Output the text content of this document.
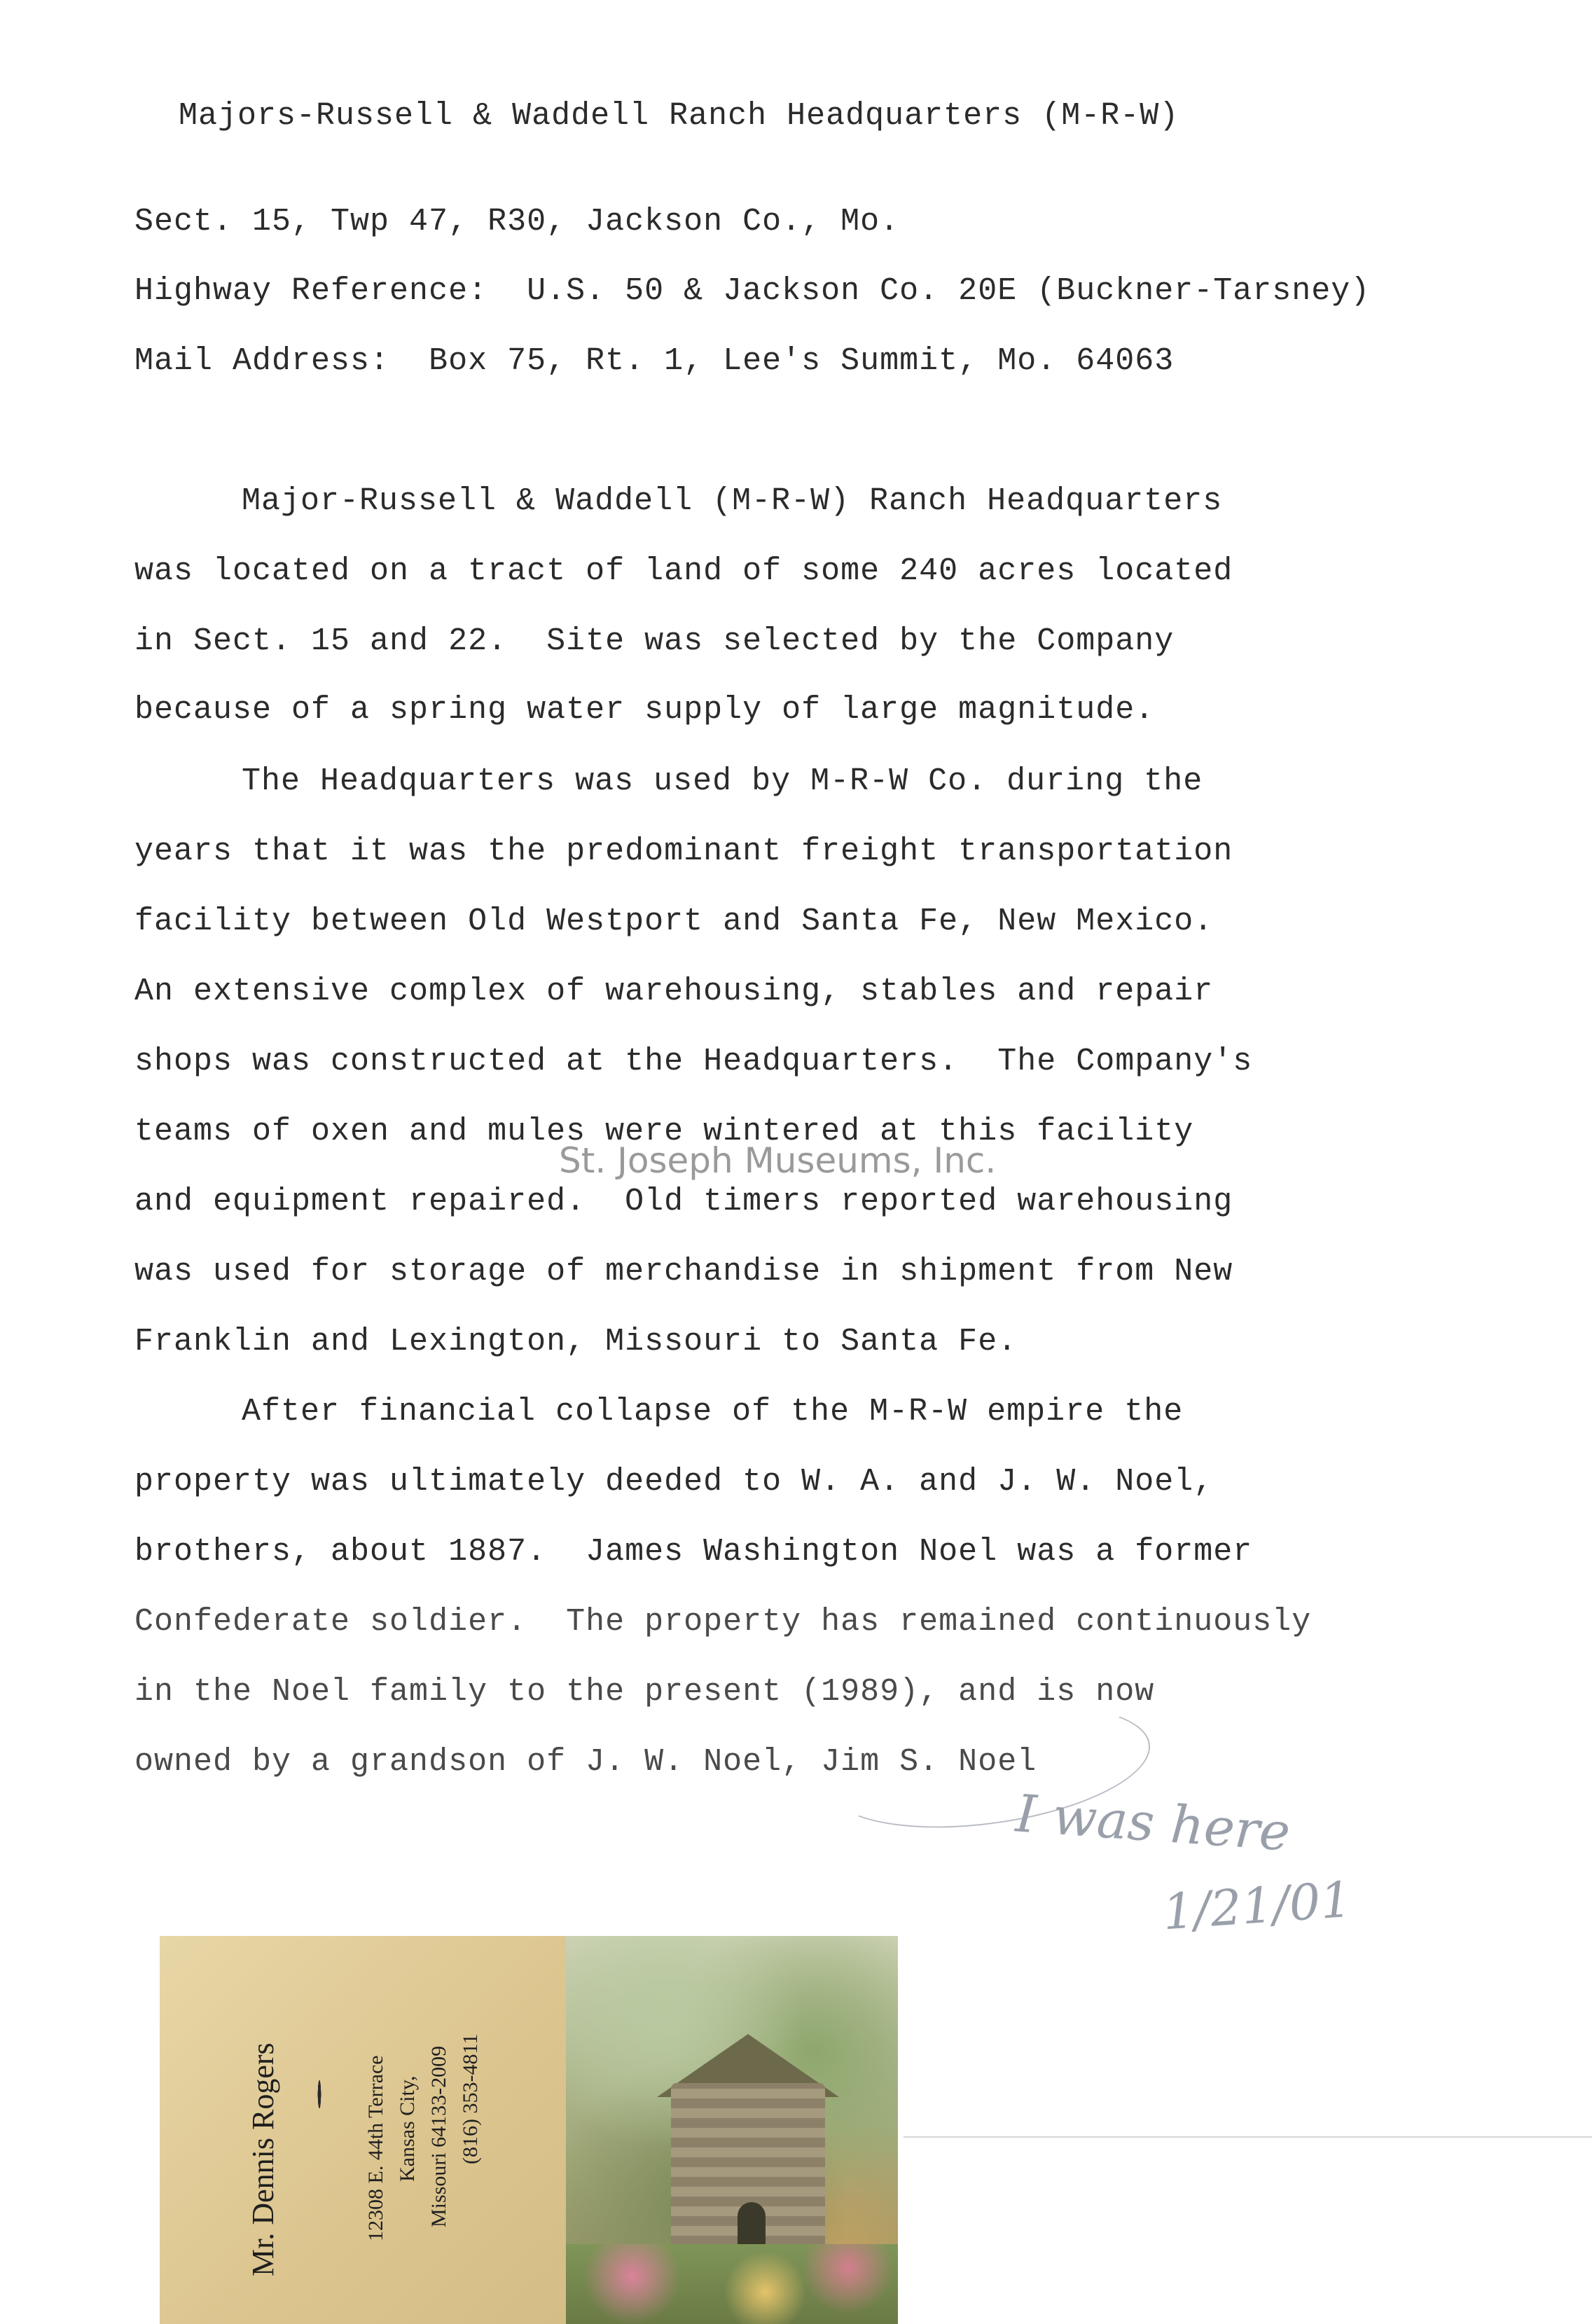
Majors-Russell & Waddell Ranch Headquarters (M-R-W)
Sect. 15, Twp 47, R30, Jackson Co., Mo.
Highway Reference:  U.S. 50 & Jackson Co. 20E (Buckner-Tarsney)
Mail Address:  Box 75, Rt. 1, Lee's Summit, Mo. 64063
Major-Russell & Waddell (M-R-W) Ranch Headquarters
was located on a tract of land of some 240 acres located
in Sect. 15 and 22.  Site was selected by the Company
because of a spring water supply of large magnitude.
The Headquarters was used by M-R-W Co. during the
years that it was the predominant freight transportation
facility between Old Westport and Santa Fe, New Mexico.
An extensive complex of warehousing, stables and repair
shops was constructed at the Headquarters.  The Company's
teams of oxen and mules were wintered at this facility
and equipment repaired.  Old timers reported warehousing
was used for storage of merchandise in shipment from New
Franklin and Lexington, Missouri to Santa Fe.
After financial collapse of the M-R-W empire the
property was ultimately deeded to W. A. and J. W. Noel,
brothers, about 1887.  James Washington Noel was a former
Confederate soldier.  The property has remained continuously
in the Noel family to the present (1989), and is now
owned by a grandson of J. W. Noel, Jim S. Noel
St. Joseph Museums, Inc.
I was here
1/21/01
Mr. Dennis Rogers	12308 E. 44th Terrace Kansas City, Missouri 64133-2009 (816) 353-4811
